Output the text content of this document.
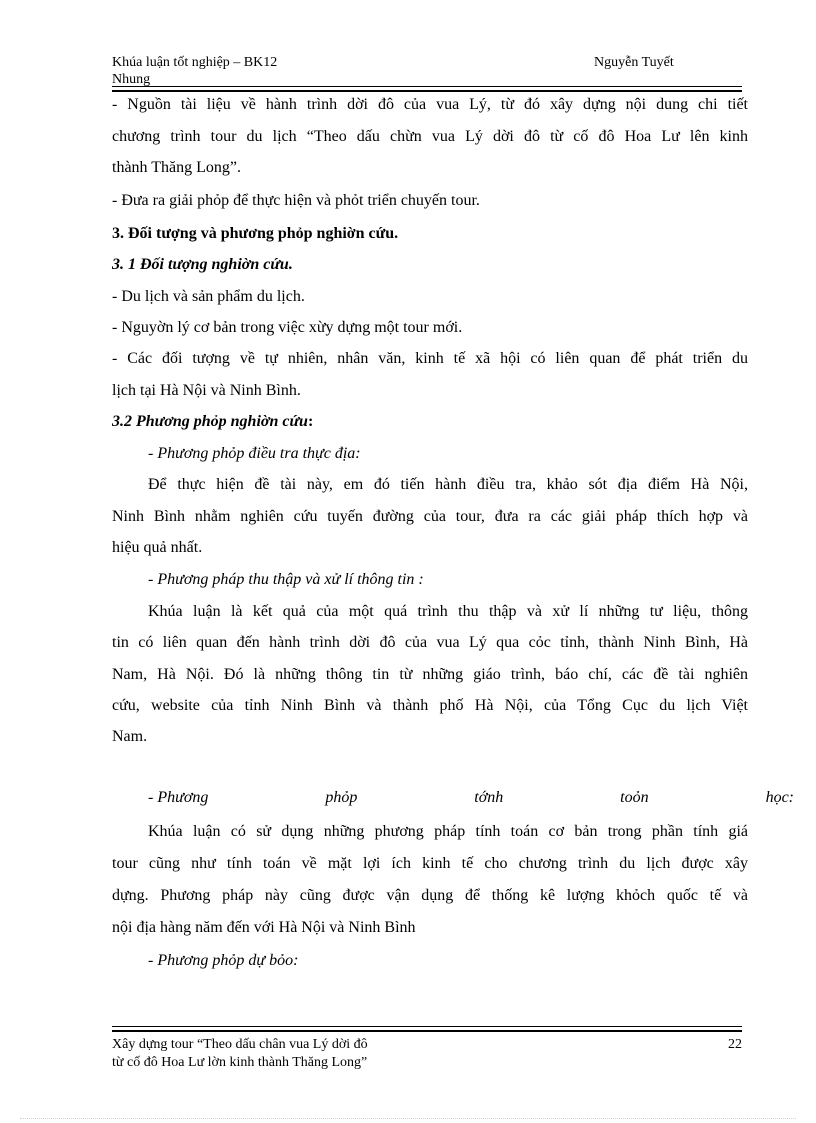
Khúa luận tốt nghiệp – BK12
Nhung
Nguyễn Tuyết
- Nguồn tài liệu về hành trình dời đô của vua Lý, từ đó xây dựng nội dung chi tiết
chương trình tour du lịch “Theo dấu chừn vua Lý dời đô từ cố đô Hoa Lư lên kinh
thành Thăng Long”.
- Đưa ra giải phỏp để thực hiện và phỏt triển chuyến tour.
3. Đối tượng và phương phỏp nghiờn cứu.
3. 1 Đối tượng nghiờn cứu.
- Du lịch và sản phẩm du lịch.
- Nguyờn lý cơ bản trong việc xừy dựng một tour mới.
- Các đối tượng về tự nhiên, nhân văn, kinh tế xã hội có liên quan để phát triển du
lịch tại Hà Nội và Ninh Bình.
3.2 Phương phỏp nghiờn cứu:
- Phương phỏp điều tra thực địa:
Để thực hiện đề tài này, em đó tiến hành điều tra, khảo sót địa điểm Hà Nội,
Ninh Bình nhằm nghiên cứu tuyến đường của tour, đưa ra các giải pháp thích hợp và
hiệu quả nhất.
- Phương pháp thu thập và xử lí thông tin :
Khúa luận là kết quả của một quá trình thu thập và xử lí những tư liệu, thông
tin có liên quan đến hành trình dời đô của vua Lý qua cỏc tỉnh, thành Ninh Bình, Hà
Nam, Hà Nội. Đó là những thông tin từ những giáo trình, báo chí, các đề tài nghiên
cứu, website của tỉnh Ninh Bình và thành phố Hà Nội, của Tổng Cục du lịch Việt
Nam.
- Phương	phỏp	tớnh	toỏn	học:
Khúa luận có sử dụng những phương pháp tính toán cơ bản trong phần tính giá
tour cũng như tính toán về mặt lợi ích kinh tế cho chương trình du lịch được xây
dựng. Phương pháp này cũng được vận dụng để thống kê lượng khỏch quốc tế và
nội địa hàng năm đến với Hà Nội và Ninh Bình
- Phương phỏp dự bỏo:
Xây dựng tour “Theo dấu chân vua Lý dời đô
từ cố đô Hoa Lư lờn kinh thành Thăng Long”
22
